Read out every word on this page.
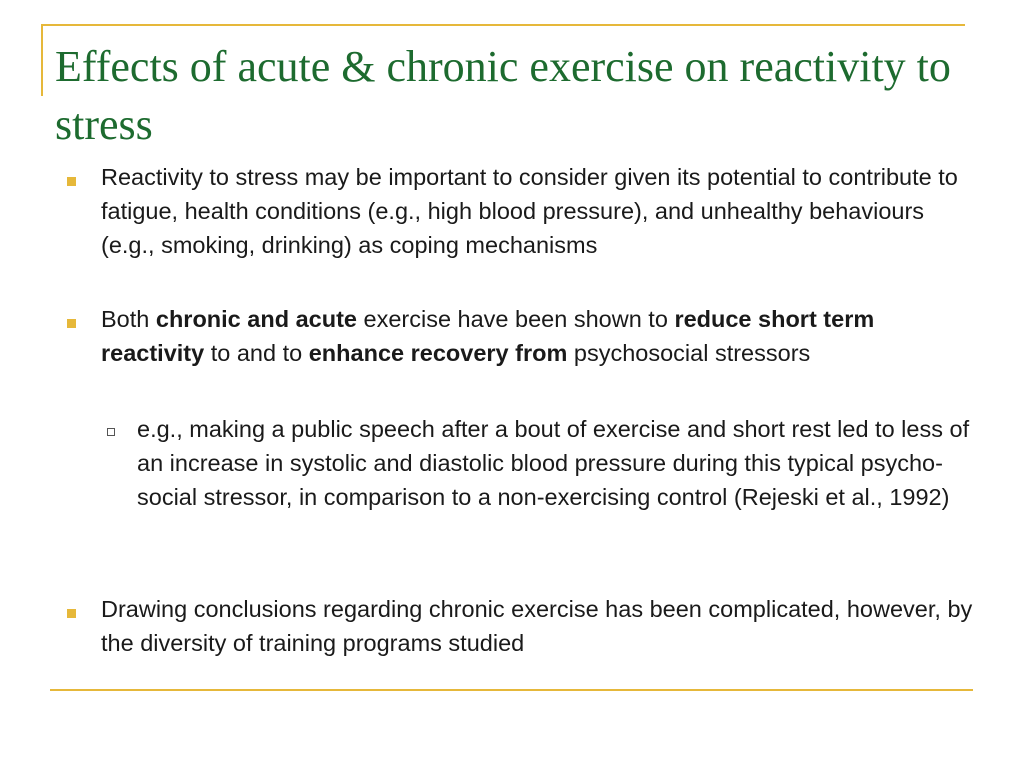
Effects of acute & chronic exercise on reactivity to stress
Reactivity to stress may be important to consider given its potential to contribute to fatigue, health conditions (e.g., high blood pressure), and unhealthy behaviours (e.g., smoking, drinking) as coping mechanisms
Both chronic and acute exercise have been shown to reduce short term reactivity to and to enhance recovery from psychosocial stressors
e.g., making a public speech after a bout of exercise and short rest led to less of an increase in systolic and diastolic blood pressure during this typical psycho-social stressor, in comparison to a non-exercising control (Rejeski et al., 1992)
Drawing conclusions regarding chronic exercise has been complicated, however, by the diversity of training programs studied
